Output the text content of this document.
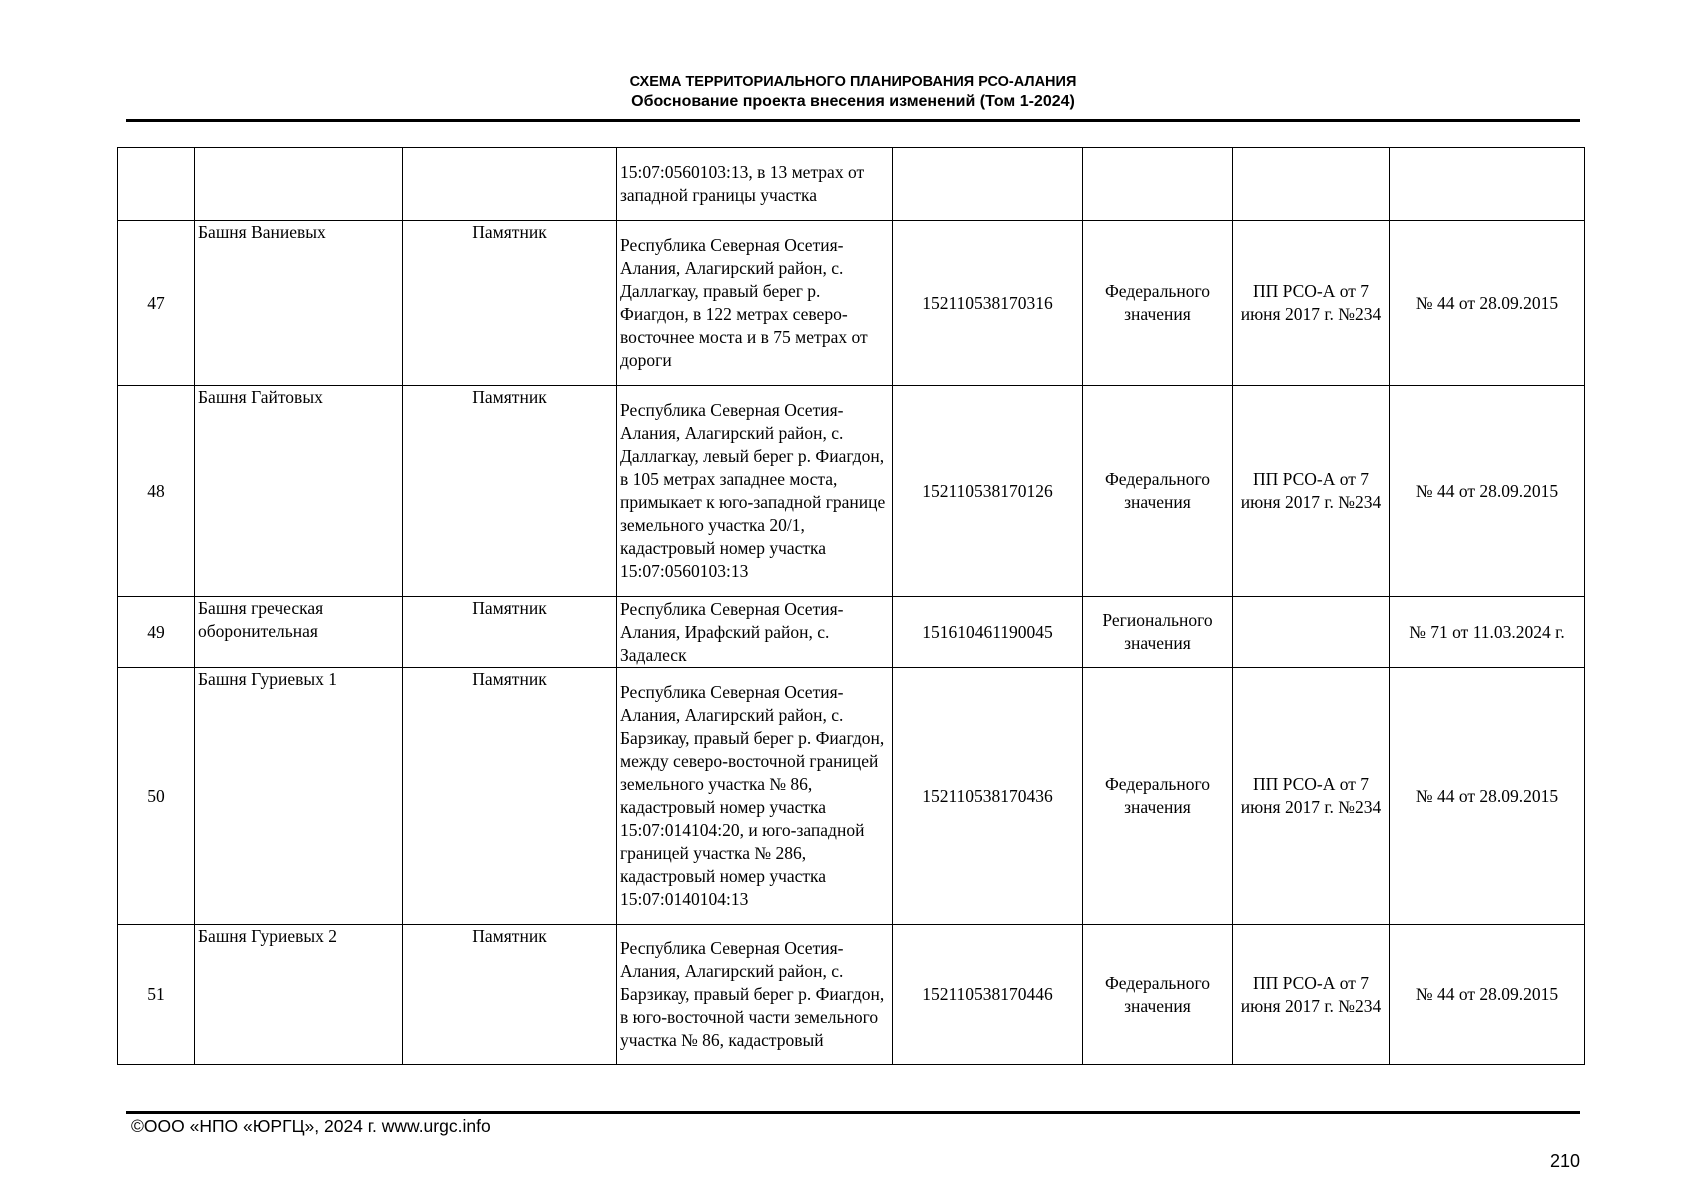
СХЕМА ТЕРРИТОРИАЛЬНОГО ПЛАНИРОВАНИЯ РСО-АЛАНИЯ
Обоснование проекта внесения изменений (Том 1-2024)
			15:07:0560103:13, в 13 метрах от западной границы участка				
47	Башня Ваниевых	Памятник	Республика Северная Осетия-Алания, Алагирский район, с. Даллагкау, правый берег р. Фиагдон, в 122 метрах северо-восточнее моста и в 75 метрах от дороги	152110538170316	Федерального значения	ПП РСО-А от 7 июня 2017 г. №234	№ 44 от 28.09.2015
48	Башня Гайтовых	Памятник	Республика Северная Осетия-Алания, Алагирский район, с. Даллагкау, левый берег р. Фиагдон, в 105 метрах западнее моста, примыкает к юго-западной границе земельного участка 20/1, кадастровый номер участка 15:07:0560103:13	152110538170126	Федерального значения	ПП РСО-А от 7 июня 2017 г. №234	№ 44 от 28.09.2015
49	Башня греческая оборонительная	Памятник	Республика Северная Осетия-Алания, Ирафский район, с. Задалеск	151610461190045	Регионального значения		№ 71 от 11.03.2024 г.
50	Башня Гуриевых 1	Памятник	Республика Северная Осетия-Алания, Алагирский район, с. Барзикау, правый берег р. Фиагдон, между северо-восточной границей земельного участка № 86, кадастровый номер участка 15:07:014104:20, и юго-западной границей участка № 286, кадастровый номер участка 15:07:0140104:13	152110538170436	Федерального значения	ПП РСО-А от 7 июня 2017 г. №234	№ 44 от 28.09.2015
51	Башня Гуриевых 2	Памятник	Республика Северная Осетия-Алания, Алагирский район, с. Барзикау, правый берег р. Фиагдон, в юго-восточной части земельного участка № 86, кадастровый	152110538170446	Федерального значения	ПП РСО-А от 7 июня 2017 г. №234	№ 44 от 28.09.2015
©ООО «НПО «ЮРГЦ», 2024 г. www.urgc.info
210
